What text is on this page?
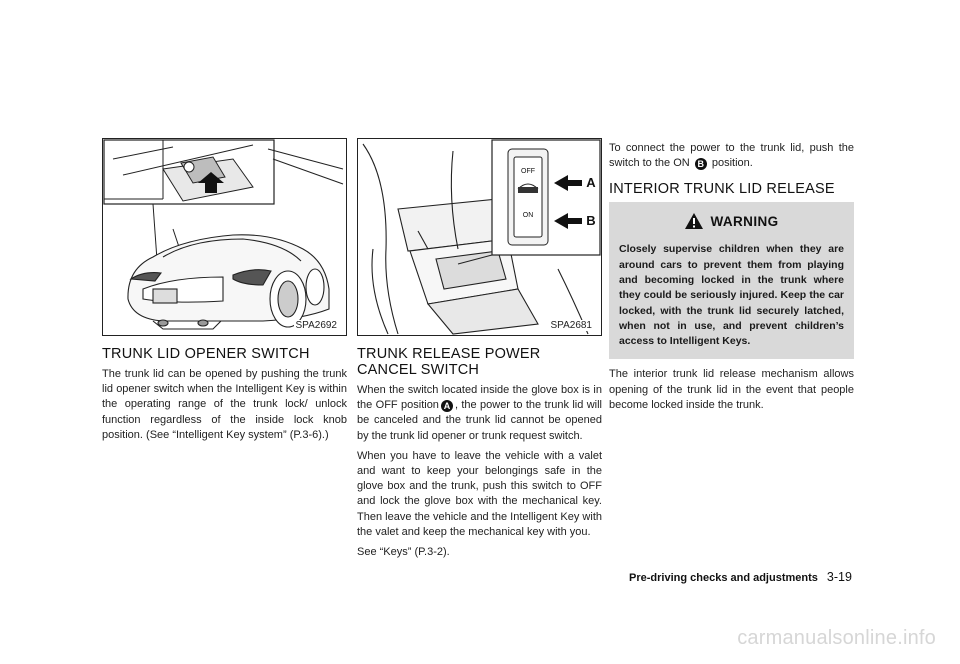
SPA2692
TRUNK LID OPENER SWITCH

The trunk lid can be opened by pushing the trunk lid opener switch when the Intelligent Key is within the operating range of the trunk lock/ unlock function regardless of the inside lock knob position. (See “Intelligent Key system” (P.3-6).)

OFF
ON
A
B
SPA2681
TRUNK RELEASE POWER CANCEL SWITCH

When the switch located inside the glove box is in the OFF position A , the power to the trunk lid will be canceled and the trunk lid cannot be opened by the trunk lid opener or trunk request switch.

When you have to leave the vehicle with a valet and want to keep your belongings safe in the glove box and the trunk, push this switch to OFF and lock the glove box with the mechanical key. Then leave the vehicle and the Intelligent Key with the valet and keep the mechanical key with you.

See “Keys” (P.3-2).

To connect the power to the trunk lid, push the switch to the ON B position.

INTERIOR TRUNK LID RELEASE
WARNING
Closely supervise children when they are around cars to prevent them from playing and becoming locked in the trunk where they could be seriously injured. Keep the car locked, with the trunk lid securely latched, when not in use, and prevent children’s access to Intelligent Keys.

The interior trunk lid release mechanism allows opening of the trunk lid in the event that people become locked inside the trunk.

Pre-driving checks and adjustments 3-19
carmanualsonline.info
